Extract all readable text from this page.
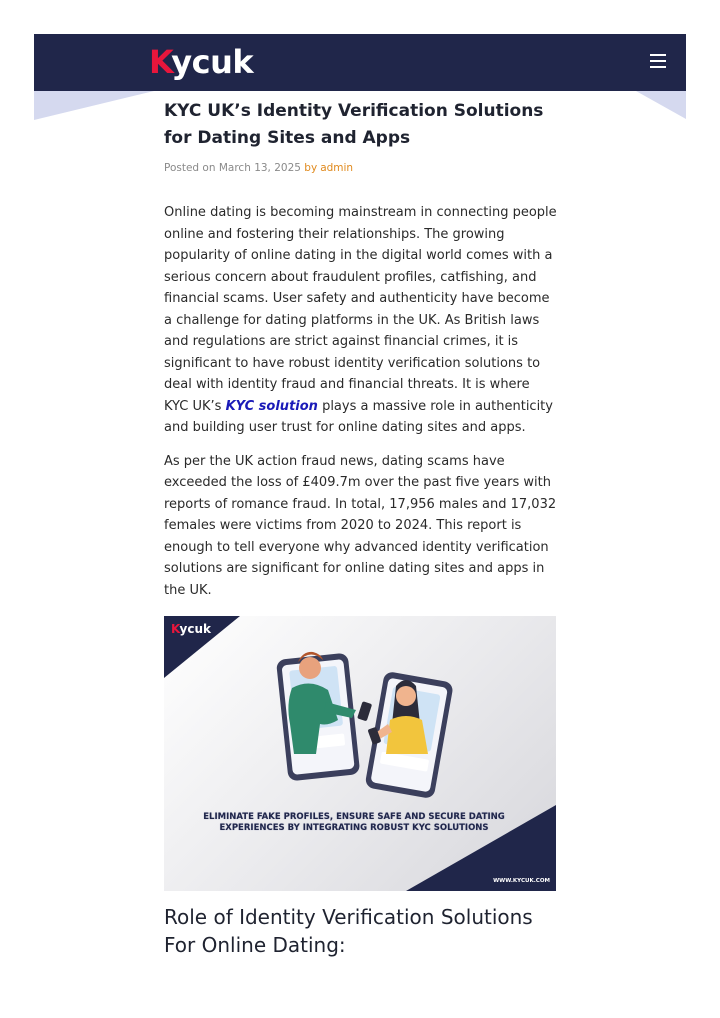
Kycuk
KYC UK’s Identity Verification Solutions for Dating Sites and Apps
Posted on March 13, 2025 by admin

Online dating is becoming mainstream in connecting people online and fostering their relationships. The growing popularity of online dating in the digital world comes with a serious concern about fraudulent profiles, catfishing, and financial scams. User safety and authenticity have become a challenge for dating platforms in the UK. As British laws and regulations are strict against financial crimes, it is significant to have robust identity verification solutions to deal with identity fraud and financial threats. It is where KYC UK’s KYC solution plays a massive role in authenticity and building user trust for online dating sites and apps.

As per the UK action fraud news, dating scams have exceeded the loss of £409.7m over the past five years with reports of romance fraud. In total, 17,956 males and 17,032 females were victims from 2020 to 2024. This report is enough to tell everyone why advanced identity verification solutions are significant for online dating sites and apps in the UK.

Kycuk
ELIMINATE FAKE PROFILES, ENSURE SAFE AND SECURE DATING
EXPERIENCES BY INTEGRATING ROBUST KYC SOLUTIONS
WWW.KYCUK.COM
Role of Identity Verification Solutions For Online Dating:
